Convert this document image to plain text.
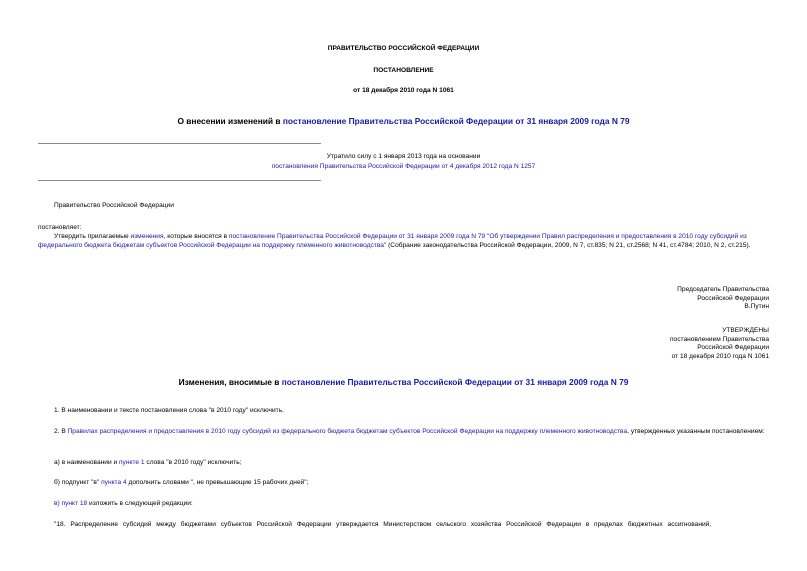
ПРАВИТЕЛЬСТВО РОССИЙСКОЙ ФЕДЕРАЦИИ
ПОСТАНОВЛЕНИЕ
от 18 декабря 2010 года N 1061
О внесении изменений в постановление Правительства Российской Федерации от 31 января 2009 года N 79
Утратило силу с 1 января 2013 года на основании
постановления Правительства Российской Федерации от 4 декабря 2012 года N 1257
Правительство Российской Федерации
постановляет:
Утвердить прилагаемые изменения, которые вносятся в постановление Правительства Российской Федерации от 31 января 2009 года N 79 "Об утверждении Правил распределения и предоставления в 2010 году субсидий из федерального бюджета бюджетам субъектов Российской Федерации на поддержку племенного животноводства" (Собрание законодательства Российской Федерации, 2009, N 7, ст.835; N 21, ст.2568; N 41, ст.4784; 2010, N 2, ст.215).
Председатель Правительства
Российской Федерации
В.Путин
УТВЕРЖДЕНЫ
постановлением Правительства
Российской Федерации
от 18 декабря 2010 года N 1061
Изменения, вносимые в постановление Правительства Российской Федерации от 31 января 2009 года N 79
1. В наименовании и тексте постановления слова "в 2010 году" исключить.
2. В Правилах распределения и предоставления в 2010 году субсидий из федерального бюджета бюджетам субъектов Российской Федерации на поддержку племенного животноводства, утвержденных указанным постановлением:
а) в наименовании и пункте 1 слова "в 2010 году" исключить;
б) подпункт "в" пункта 4 дополнить словами ", не превышающие 15 рабочих дней";
в) пункт 18 изложить в следующей редакции:
"18. Распределение субсидий между бюджетами субъектов Российской Федерации утверждается Министерством сельского хозяйства Российской Федерации в пределах бюджетных ассигнований,
